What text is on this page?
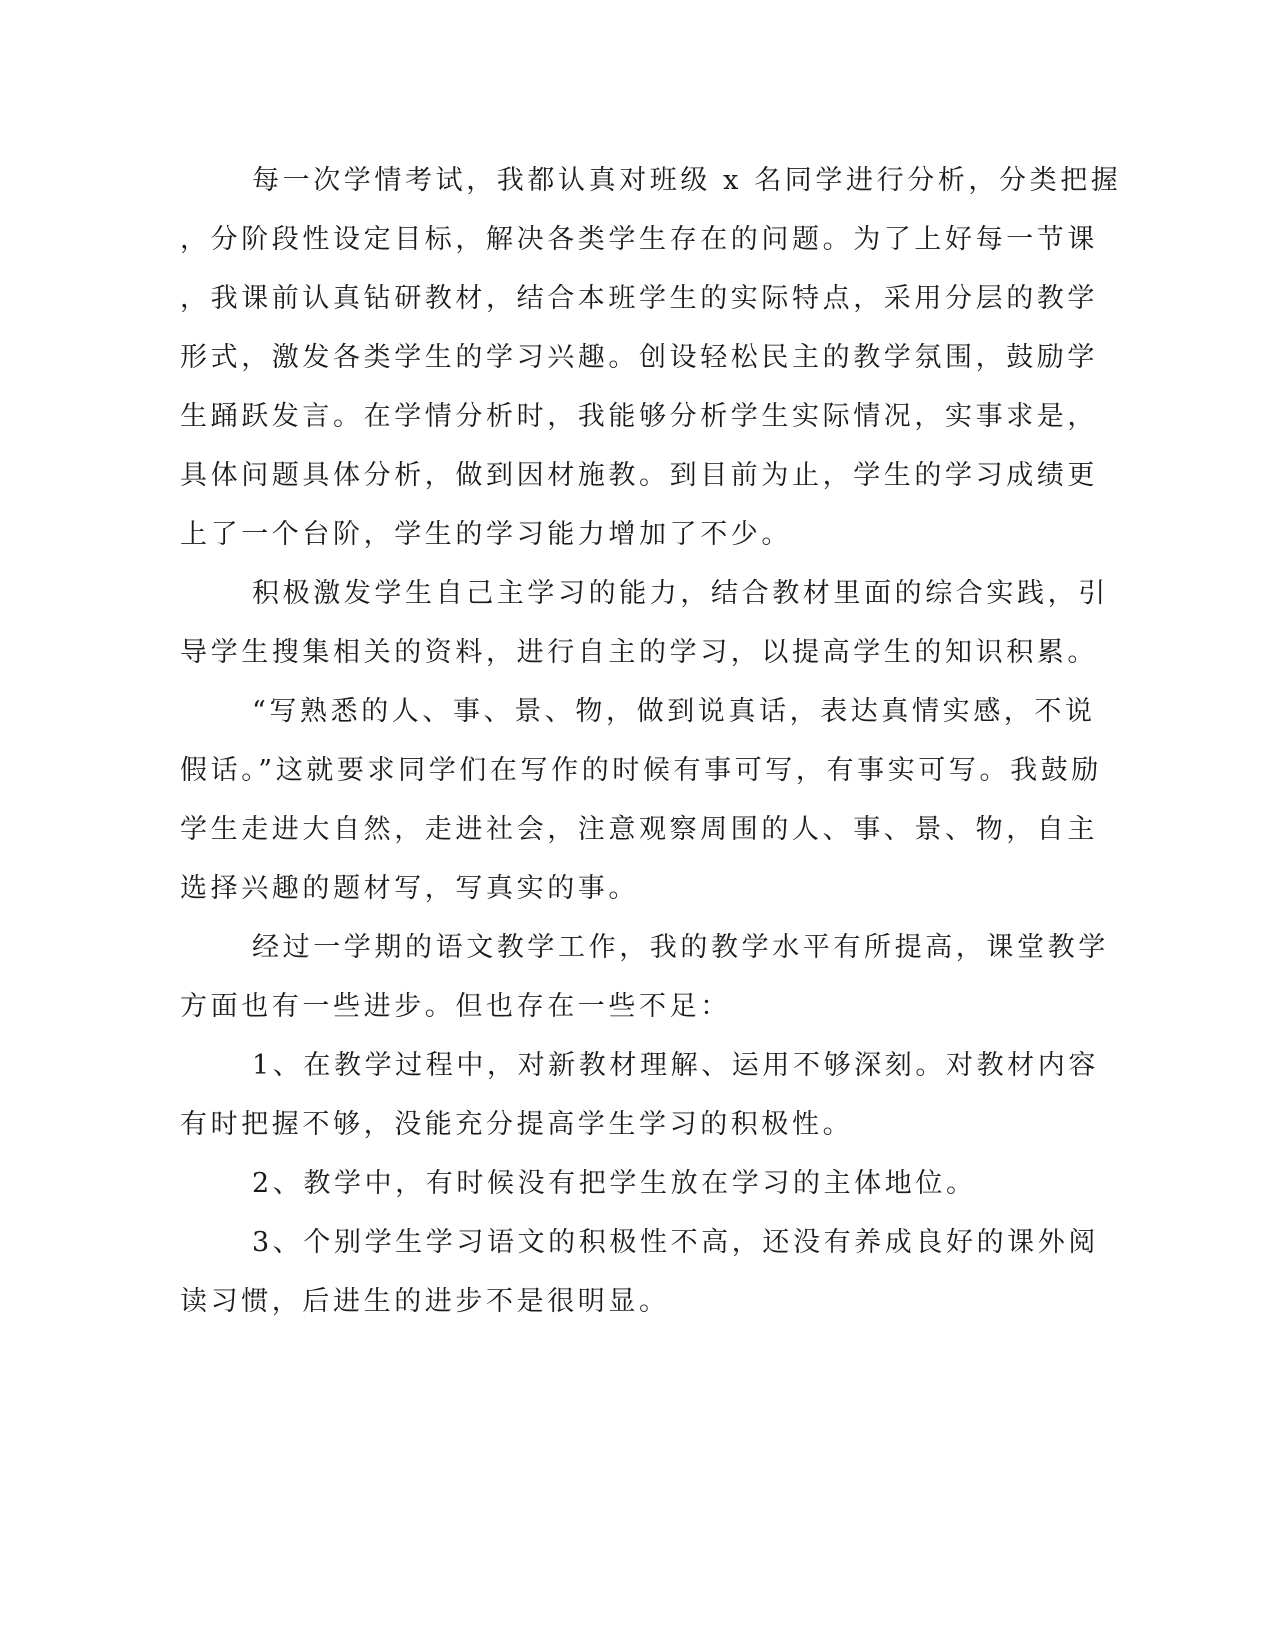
每一次学情考试，我都认真对班级 x 名同学进行分析，分类把握
，分阶段性设定目标，解决各类学生存在的问题。为了上好每一节课
，我课前认真钻研教材，结合本班学生的实际特点，采用分层的教学
形式，激发各类学生的学习兴趣。创设轻松民主的教学氛围，鼓励学
生踊跃发言。在学情分析时，我能够分析学生实际情况，实事求是，
具体问题具体分析，做到因材施教。到目前为止，学生的学习成绩更
上了一个台阶，学生的学习能力增加了不少。
积极激发学生自己主学习的能力，结合教材里面的综合实践，引
导学生搜集相关的资料，进行自主的学习，以提高学生的知识积累。
“写熟悉的人、事、景、物，做到说真话，表达真情实感，不说
假话。”这就要求同学们在写作的时候有事可写，有事实可写。我鼓励
学生走进大自然，走进社会，注意观察周围的人、事、景、物，自主
选择兴趣的题材写，写真实的事。
经过一学期的语文教学工作，我的教学水平有所提高，课堂教学
方面也有一些进步。但也存在一些不足：
1、在教学过程中，对新教材理解、运用不够深刻。对教材内容
有时把握不够，没能充分提高学生学习的积极性。
2、教学中，有时候没有把学生放在学习的主体地位。
3、个别学生学习语文的积极性不高，还没有养成良好的课外阅
读习惯，后进生的进步不是很明显。
